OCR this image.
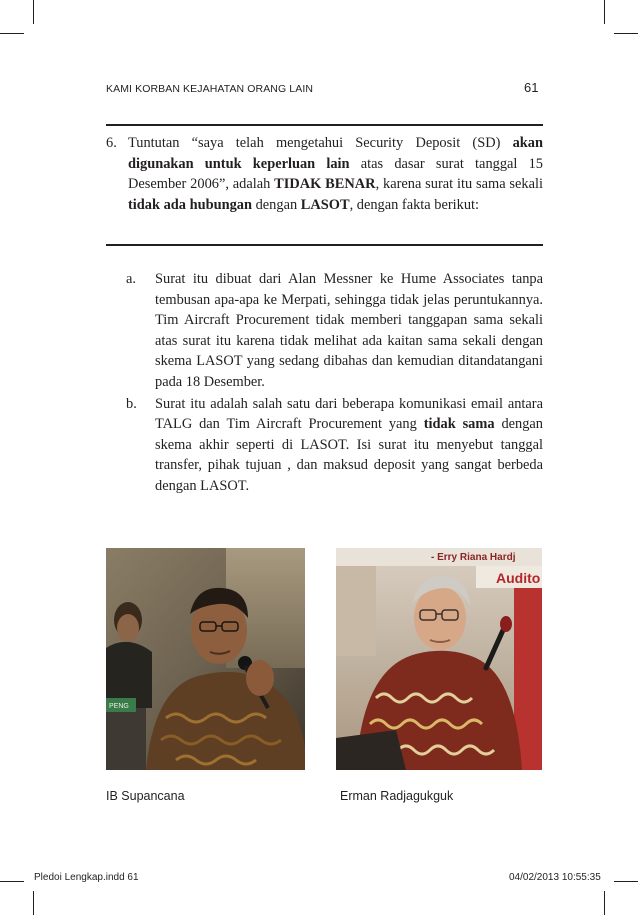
KAMI KORBAN KEJAHATAN ORANG LAIN	61
6. Tuntutan “saya telah mengetahui Security Deposit (SD) akan digunakan untuk keperluan lain atas dasar surat tanggal 15 Desember 2006”, adalah TIDAK BENAR, karena surat itu sama sekali tidak ada hubungan dengan LASOT, dengan fakta berikut:
a. Surat itu dibuat dari Alan Messner ke Hume Associates tanpa tembusan apa-apa ke Merpati, sehingga tidak jelas peruntukannya. Tim Aircraft Procurement tidak memberi tanggapan sama sekali atas surat itu karena tidak melihat ada kaitan sama sekali dengan skema LASOT yang sedang dibahas dan kemudian ditandatangani pada 18 Desember.
b. Surat itu adalah salah satu dari beberapa komunikasi email antara TALG dan Tim Aircraft Procurement yang tidak sama dengan skema akhir seperti di LASOT. Isi surat itu menyebut tanggal transfer, pihak tujuan , dan maksud deposit yang sangat berbeda dengan LASOT.
PENG
- Erry Riana Hardj
Audito
IB Supancana	Erman Radjagukguk
Pledoi Lengkap.indd 61	04/02/2013 10:55:35
